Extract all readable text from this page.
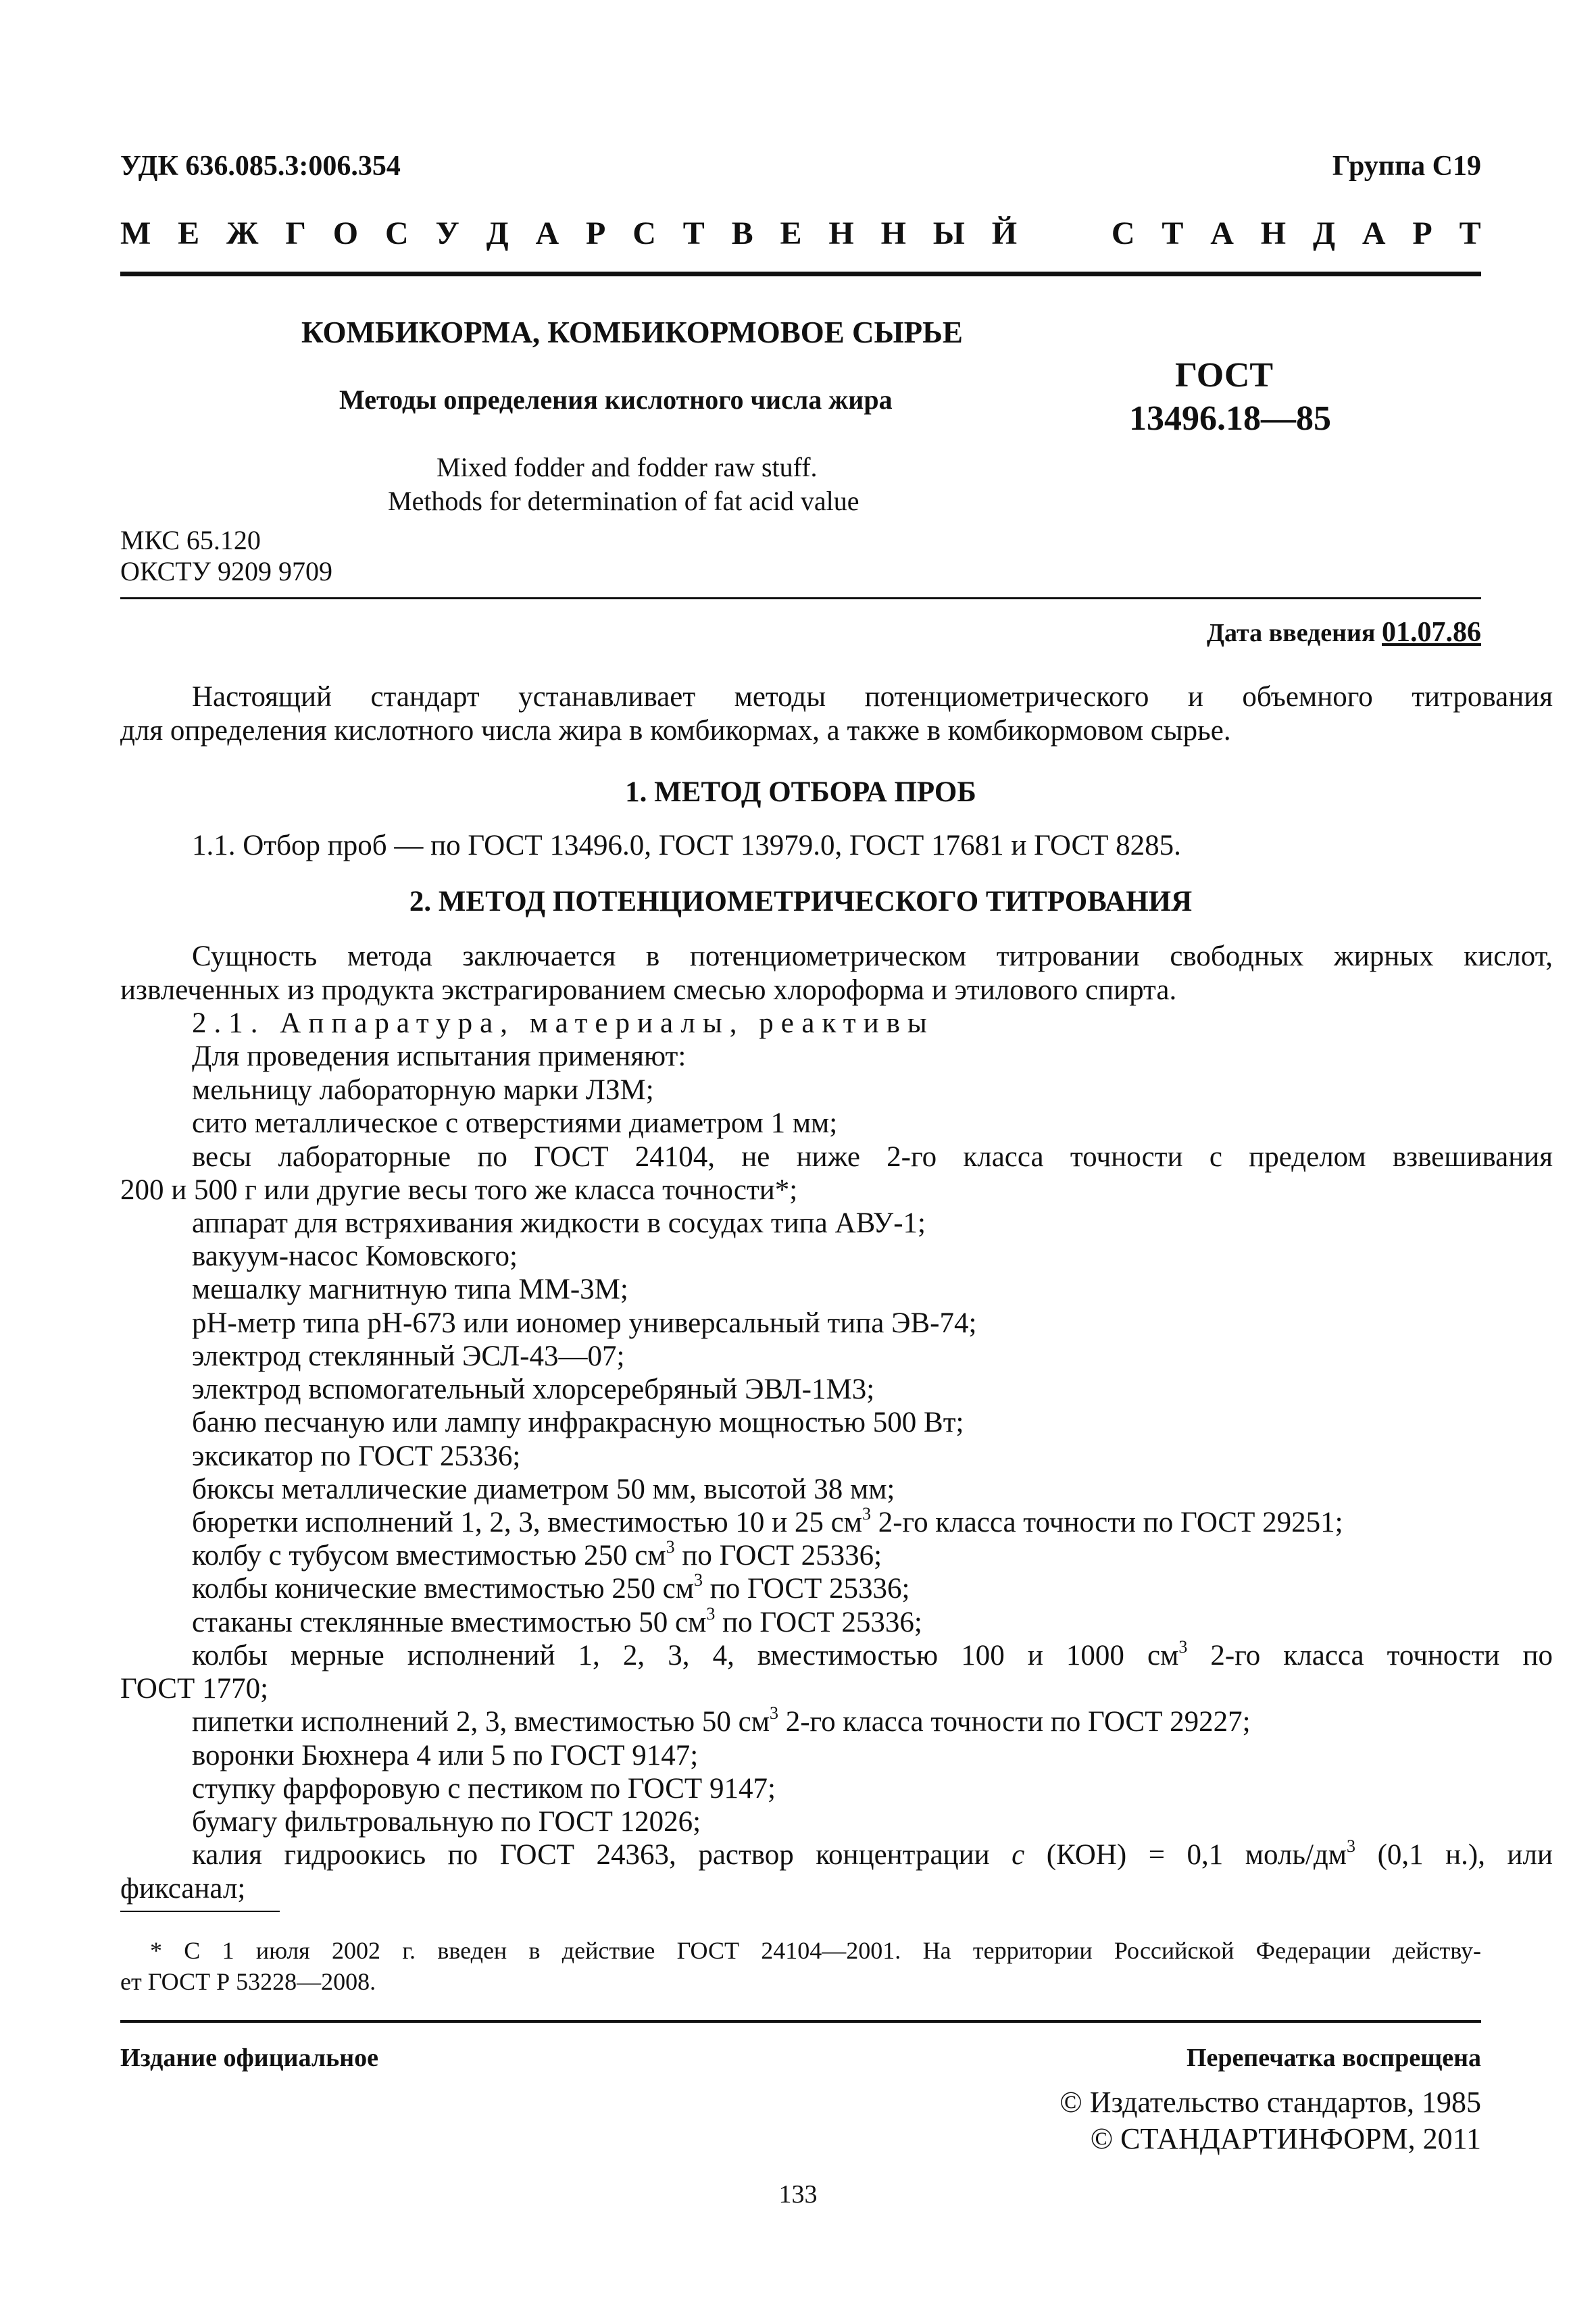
УДК 636.085.3:006.354	Группа С19
М Е Ж Г О С У Д А Р С Т В Е Н Н Ы Й	С Т А Н Д А Р Т
КОМБИКОРМА, КОМБИКОРМОВОЕ СЫРЬЕ
Методы определения кислотного числа жира
Mixed fodder and fodder raw stuff.
Methods for determination of fat acid value
ГОСТ
13496.18—85
МКС 65.120
ОКСТУ 9209 9709
Дата введения 01.07.86
Настоящий стандарт устанавливает методы потенциометрического и объемного титрования
для определения кислотного числа жира в комбикормах, а также в комбикормовом сырье.
1. МЕТОД ОТБОРА ПРОБ
1.1. Отбор проб — по ГОСТ 13496.0, ГОСТ 13979.0, ГОСТ 17681 и ГОСТ 8285.
2. МЕТОД ПОТЕНЦИОМЕТРИЧЕСКОГО ТИТРОВАНИЯ
Сущность метода заключается в потенциометрическом титровании свободных жирных кислот,
извлеченных из продукта экстрагированием смесью хлороформа и этилового спирта.
2.1. Аппаратура, материалы, реактивы
Для проведения испытания применяют:
мельницу лабораторную марки ЛЗМ;
сито металлическое с отверстиями диаметром 1 мм;
весы лабораторные по ГОСТ 24104, не ниже 2-го класса точности с пределом взвешивания
200 и 500 г или другие весы того же класса точности*;
аппарат для встряхивания жидкости в сосудах типа АВУ-1;
вакуум-насос Комовского;
мешалку магнитную типа ММ-3М;
рН-метр типа рН-673 или иономер универсальный типа ЭВ-74;
электрод стеклянный ЭСЛ-43—07;
электрод вспомогательный хлорсеребряный ЭВЛ-1М3;
баню песчаную или лампу инфракрасную мощностью 500 Вт;
эксикатор по ГОСТ 25336;
бюксы металлические диаметром 50 мм, высотой 38 мм;
бюретки исполнений 1, 2, 3, вместимостью 10 и 25 $см^3$ 2-го класса точности по ГОСТ 29251;
колбу с тубусом вместимостью 250 $см^3$ по ГОСТ 25336;
колбы конические вместимостью 250 $см^3$ по ГОСТ 25336;
стаканы стеклянные вместимостью 50 $см^3$ по ГОСТ 25336;
колбы мерные исполнений 1, 2, 3, 4, вместимостью 100 и 1000 $см^3$ 2-го класса точности по
ГОСТ 1770;
пипетки исполнений 2, 3, вместимостью 50 $см^3$ 2-го класса точности по ГОСТ 29227;
воронки Бюхнера 4 или 5 по ГОСТ 9147;
ступку фарфоровую с пестиком по ГОСТ 9147;
бумагу фильтровальную по ГОСТ 12026;
калия гидроокись по ГОСТ 24363, раствор концентрации c (КОН) = 0,1 моль/$дм^3$ (0,1 н.), или
фиксанал;
* С 1 июля 2002 г. введен в действие ГОСТ 24104—2001. На территории Российской Федерации действу-
ет ГОСТ Р 53228—2008.
Издание официальное	Перепечатка воспрещена
© Издательство стандартов, 1985
© СТАНДАРТИНФОРМ, 2011
133
